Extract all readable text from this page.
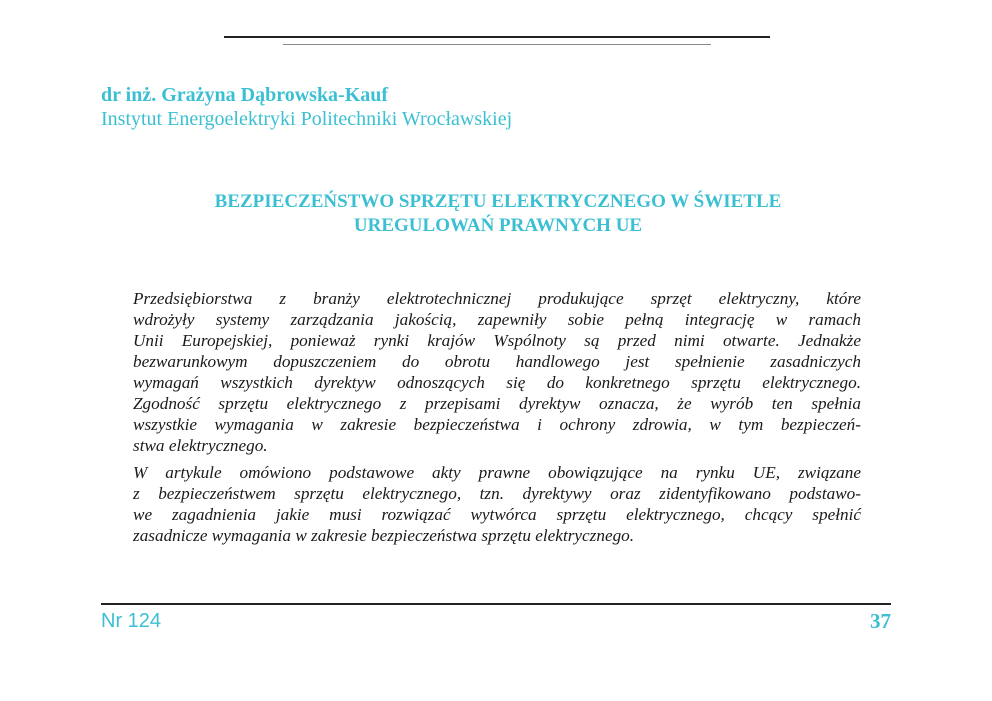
dr inż. Grażyna Dąbrowska-Kauf
Instytut Energoelektryki Politechniki Wrocławskiej
BEZPIECZEŃSTWO SPRZĘTU ELEKTRYCZNEGO W ŚWIETLE
UREGULOWAŃ PRAWNYCH UE
Przedsiębiorstwa z branży elektrotechnicznej produkujące sprzęt elektryczny, które
wdrożyły systemy zarządzania jakością, zapewniły sobie pełną integrację w ramach
Unii Europejskiej, ponieważ rynki krajów Wspólnoty są przed nimi otwarte. Jednakże
bezwarunkowym dopuszczeniem do obrotu handlowego jest spełnienie zasadniczych
wymagań wszystkich dyrektyw odnoszących się do konkretnego sprzętu elektrycznego.
Zgodność sprzętu elektrycznego z przepisami dyrektyw oznacza, że wyrób ten spełnia
wszystkie wymagania w zakresie bezpieczeństwa i ochrony zdrowia, w tym bezpieczeń-
stwa elektrycznego.
W artykule omówiono podstawowe akty prawne obowiązujące na rynku UE, związane
z bezpieczeństwem sprzętu elektrycznego, tzn. dyrektywy oraz zidentyfikowano podstawo-
we zagadnienia jakie musi rozwiązać wytwórca sprzętu elektrycznego, chcący spełnić
zasadnicze wymagania w zakresie bezpieczeństwa sprzętu elektrycznego.
Nr 124	37
